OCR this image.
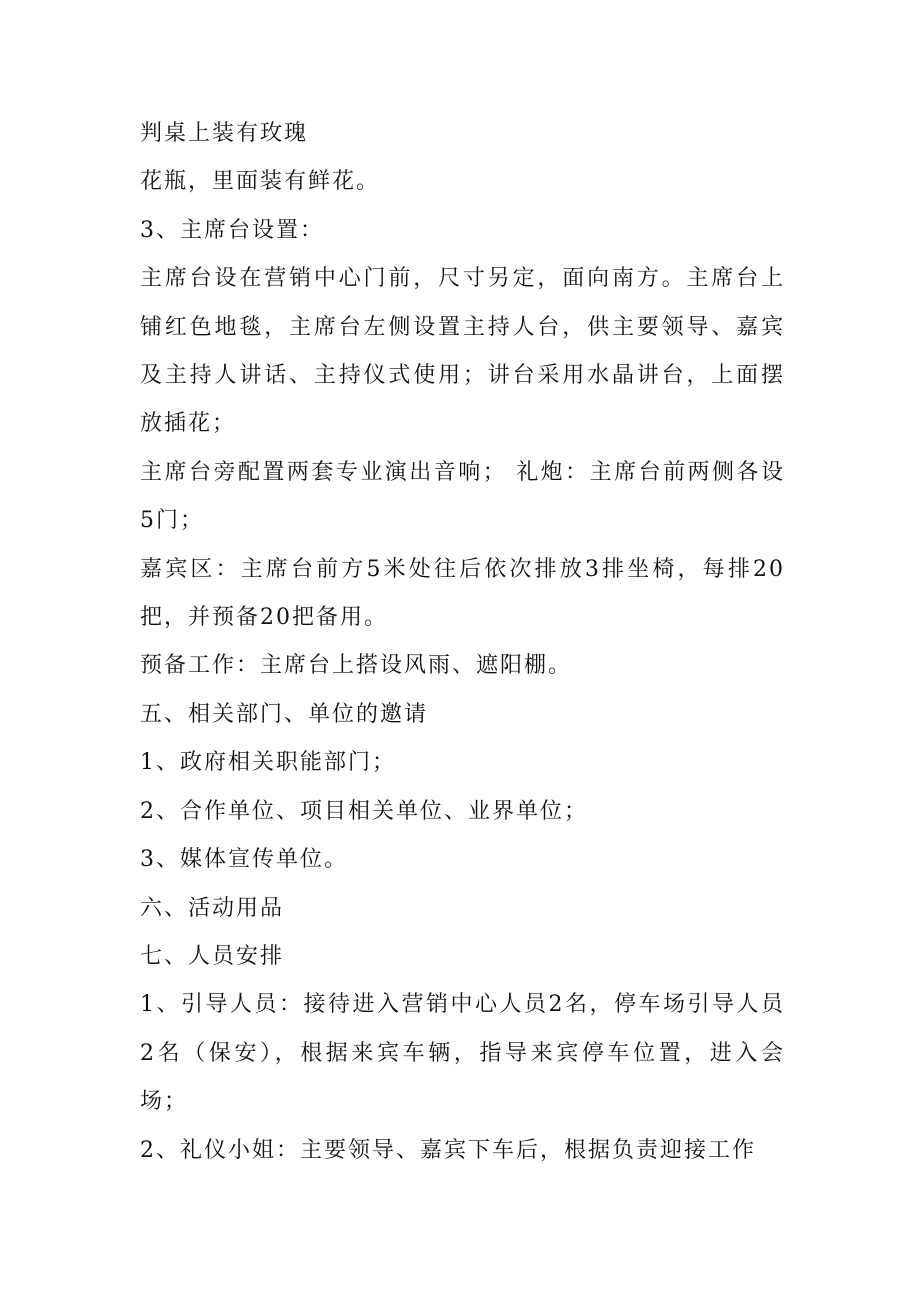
判桌上装有玫瑰

花瓶，里面装有鲜花。

3、主席台设置：

主席台设在营销中心门前，尺寸另定，面向南方。主席台上铺红色地毯，主席台左侧设置主持人台，供主要领导、嘉宾及主持人讲话、主持仪式使用；讲台采用水晶讲台，上面摆放插花；

主席台旁配置两套专业演出音响； 礼炮：主席台前两侧各设5门；

嘉宾区：主席台前方5米处往后依次排放3排坐椅，每排20把，并预备20把备用。

预备工作：主席台上搭设风雨、遮阳棚。

五、相关部门、单位的邀请

1、政府相关职能部门；

2、合作单位、项目相关单位、业界单位；

3、媒体宣传单位。

六、活动用品

七、人员安排

1、引导人员：接待进入营销中心人员2名，停车场引导人员2名（保安），根据来宾车辆，指导来宾停车位置，进入会场；

2、礼仪小姐：主要领导、嘉宾下车后，根据负责迎接工作
